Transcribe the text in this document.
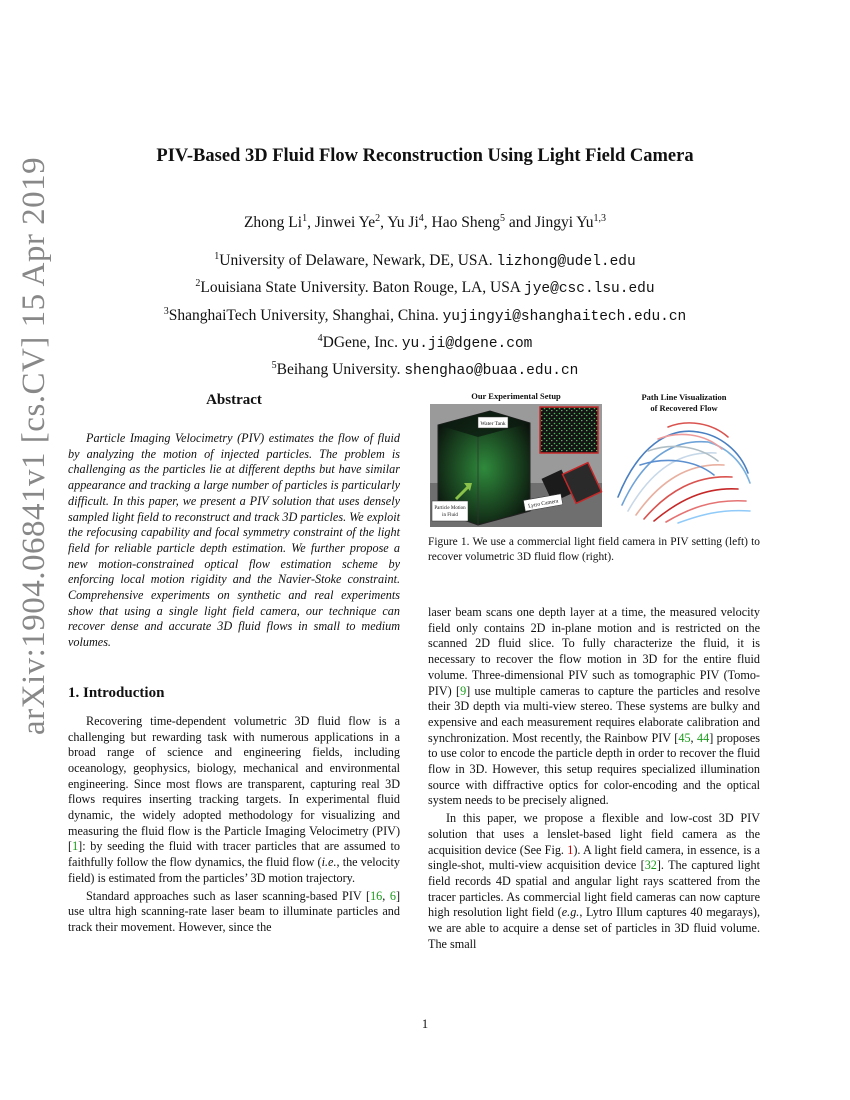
arXiv:1904.06841v1 [cs.CV] 15 Apr 2019
PIV-Based 3D Fluid Flow Reconstruction Using Light Field Camera
Zhong Li$^1$, Jinwei Ye$^2$, Yu Ji$^4$, Hao Sheng$^5$ and Jingyi Yu$^{1,3}$
$^1$University of Delaware, Newark, DE, USA. lizhong@udel.edu
$^2$Louisiana State University. Baton Rouge, LA, USA jye@csc.lsu.edu
$^3$ShanghaiTech University, Shanghai, China. yujingyi@shanghaitech.edu.cn
$^4$DGene, Inc. yu.ji@dgene.com
$^5$Beihang University. shenghao@buaa.edu.cn
Abstract

Particle Imaging Velocimetry (PIV) estimates the flow of fluid by analyzing the motion of injected particles. The problem is challenging as the particles lie at different depths but have similar appearance and tracking a large number of particles is particularly difficult. In this paper, we present a PIV solution that uses densely sampled light field to reconstruct and track 3D particles. We exploit the refocusing capability and focal symmetry constraint of the light field for reliable particle depth estimation. We further propose a new motion-constrained optical flow estimation scheme by enforcing local motion rigidity and the Navier-Stoke constraint. Comprehensive experiments on synthetic and real experiments show that using a single light field camera, our technique can recover dense and accurate 3D fluid flows in small to medium volumes.

1. Introduction

Recovering time-dependent volumetric 3D fluid flow is a challenging but rewarding task with numerous applications in a broad range of science and engineering fields, including oceanology, geophysics, biology, mechanical and environmental engineering. Since most flows are transparent, capturing real 3D flows requires inserting tracking targets. In experimental fluid dynamic, the widely adopted methodology for visualizing and measuring the fluid flow is the Particle Imaging Velocimetry (PIV) [1]: by seeding the fluid with tracer particles that are assumed to faithfully follow the flow dynamics, the fluid flow (i.e., the velocity field) is estimated from the particles’ 3D motion trajectory.

Standard approaches such as laser scanning-based PIV [16, 6] use ultra high scanning-rate laser beam to illuminate particles and track their movement. However, since the

Our Experimental Setup
Water Tank
Particle Motion
in Fluid
Lytro Camera
Path Line Visualization
of Recovered Flow

Figure 1. We use a commercial light field camera in PIV setting (left) to recover volumetric 3D fluid flow (right).

laser beam scans one depth layer at a time, the measured velocity field only contains 2D in-plane motion and is restricted on the scanned 2D fluid slice. To fully characterize the fluid, it is necessary to recover the flow motion in 3D for the entire fluid volume. Three-dimensional PIV such as tomographic PIV (Tomo-PIV) [9] use multiple cameras to capture the particles and resolve their 3D depth via multi-view stereo. These systems are bulky and expensive and each measurement requires elaborate calibration and synchronization. Most recently, the Rainbow PIV [45, 44] proposes to use color to encode the particle depth in order to recover the fluid flow in 3D. However, this setup requires specialized illumination source with diffractive optics for color-encoding and the optical system needs to be precisely aligned.

In this paper, we propose a flexible and low-cost 3D PIV solution that uses a lenslet-based light field camera as the acquisition device (See Fig. 1). A light field camera, in essence, is a single-shot, multi-view acquisition device [32]. The captured light field records 4D spatial and angular light rays scattered from the tracer particles. As commercial light field cameras can now capture high resolution light field (e.g., Lytro Illum captures 40 megarays), we are able to acquire a dense set of particles in 3D fluid volume. The small

1
